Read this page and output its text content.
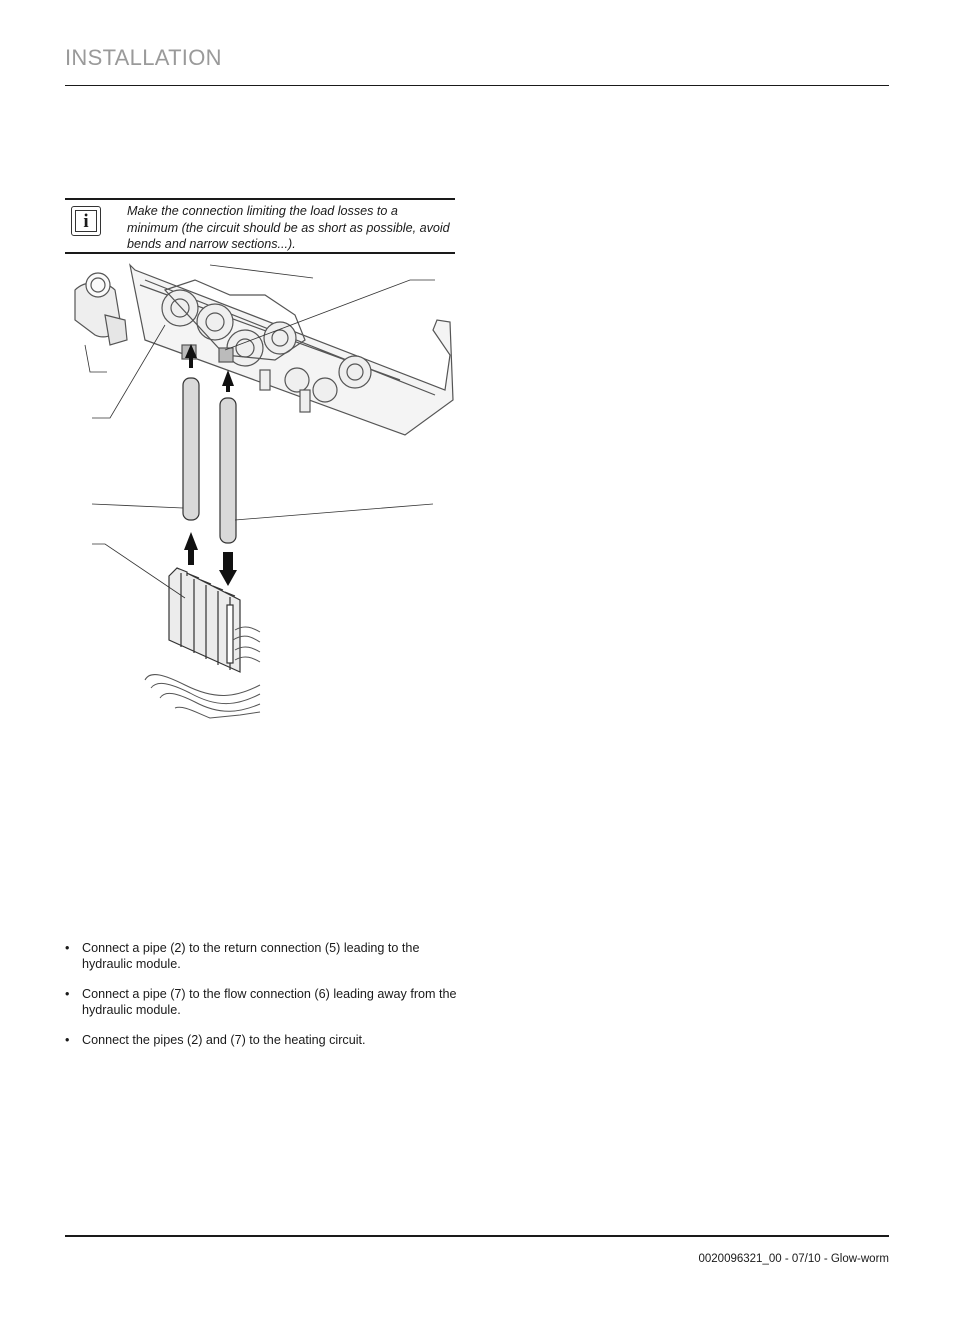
INSTALLATION
i	Make the connection limiting the load losses to a minimum (the circuit should be as short as possible, avoid bends and narrow sections...).
• Connect a pipe (2) to the return connection (5) leading to the hydraulic module.
• Connect a pipe (7) to the flow connection (6) leading away from the hydraulic module.
• Connect the pipes (2) and (7) to the heating circuit.
0020096321_00 - 07/10 - Glow-worm
